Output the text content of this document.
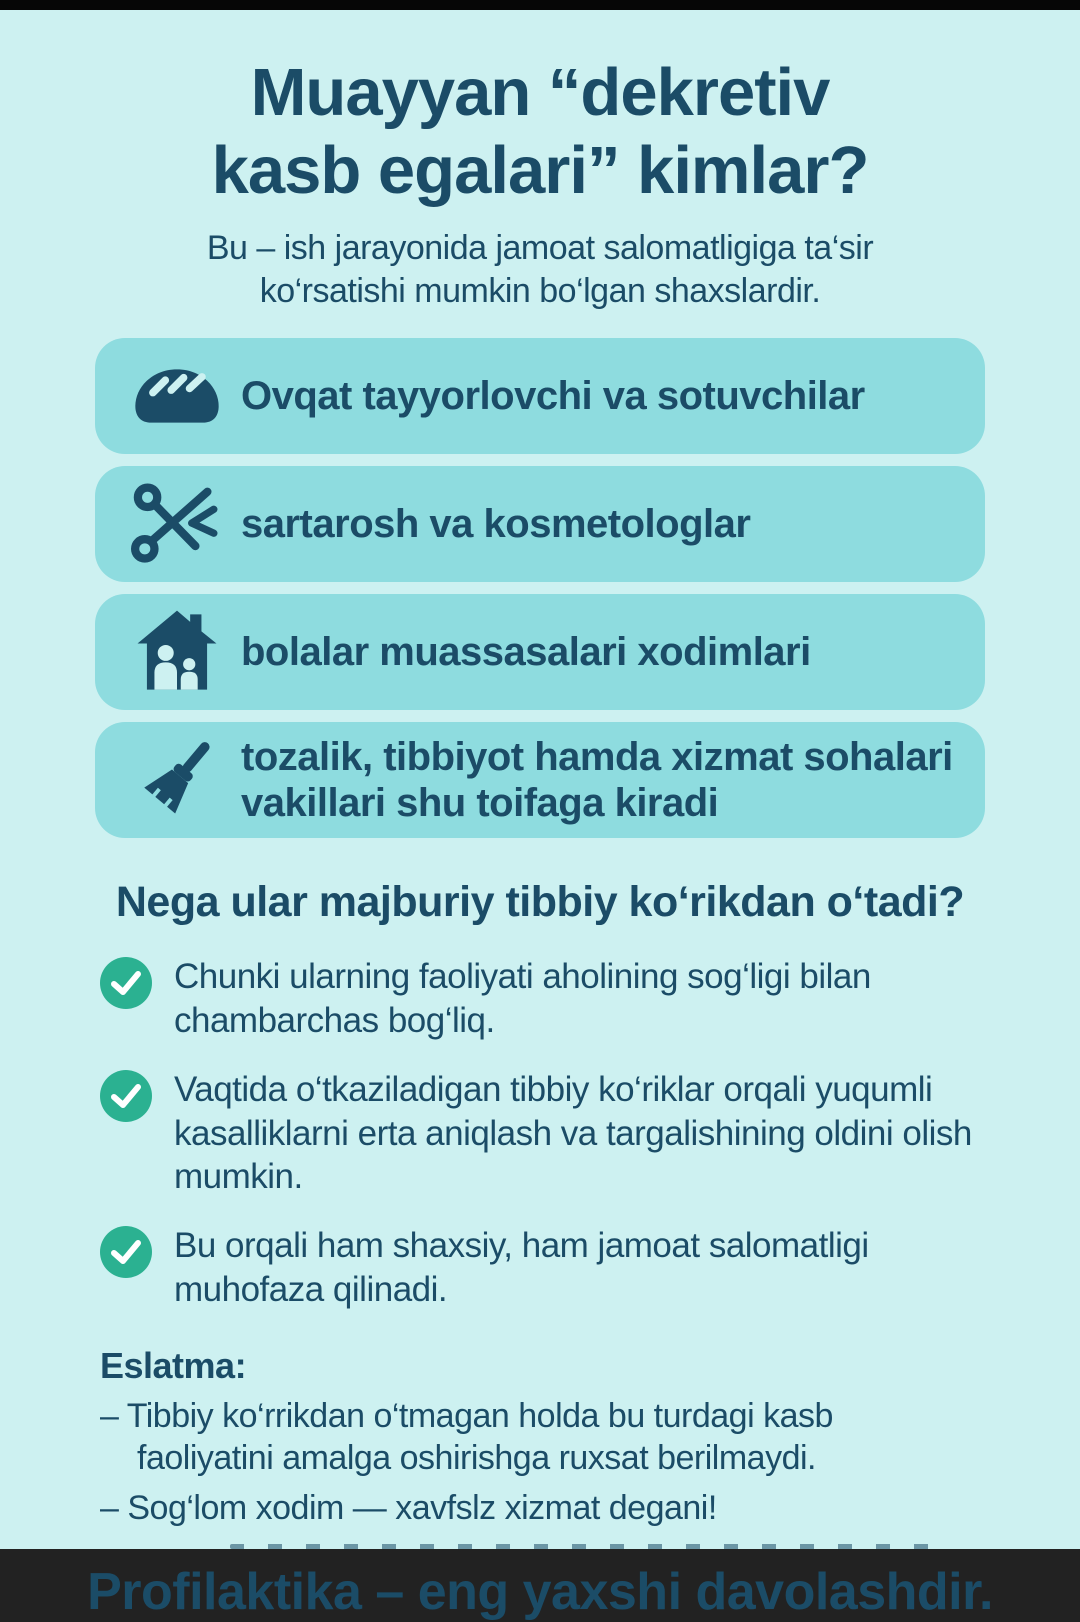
Muayyan “dekretiv
kasb egalari” kimlar?
Bu – ish jarayonida jamoat salomatligiga ta‘sir
ko‘rsatishi mumkin bo‘lgan shaxslardir.
Ovqat tayyorlovchi va sotuvchilar
sartarosh va kosmetologlar
bolalar muassasalari xodimlari
tozalik, tibbiyot hamda xizmat sohalari vakillari shu toifaga kiradi
Nega ular majburiy tibbiy ko‘rikdan o‘tadi?
Chunki ularning faoliyati aholining sog‘ligi bilan chambarchas bog‘liq.
Vaqtida o‘tkaziladigan tibbiy ko‘riklar orqali yuqumli kasalliklarni erta aniqlash va targalishining oldini olish mumkin.
Bu orqali ham shaxsiy, ham jamoat salomatligi muhofaza qilinadi.
Eslatma:
– Tibbiy ko‘rrikdan o‘tmagan holda bu turdagi kasb faoliyatini amalga oshirishga ruxsat berilmaydi.
– Sog‘lom xodim — xavfslz xizmat degani!
Profilaktika – eng yaxshi davolashdir.
